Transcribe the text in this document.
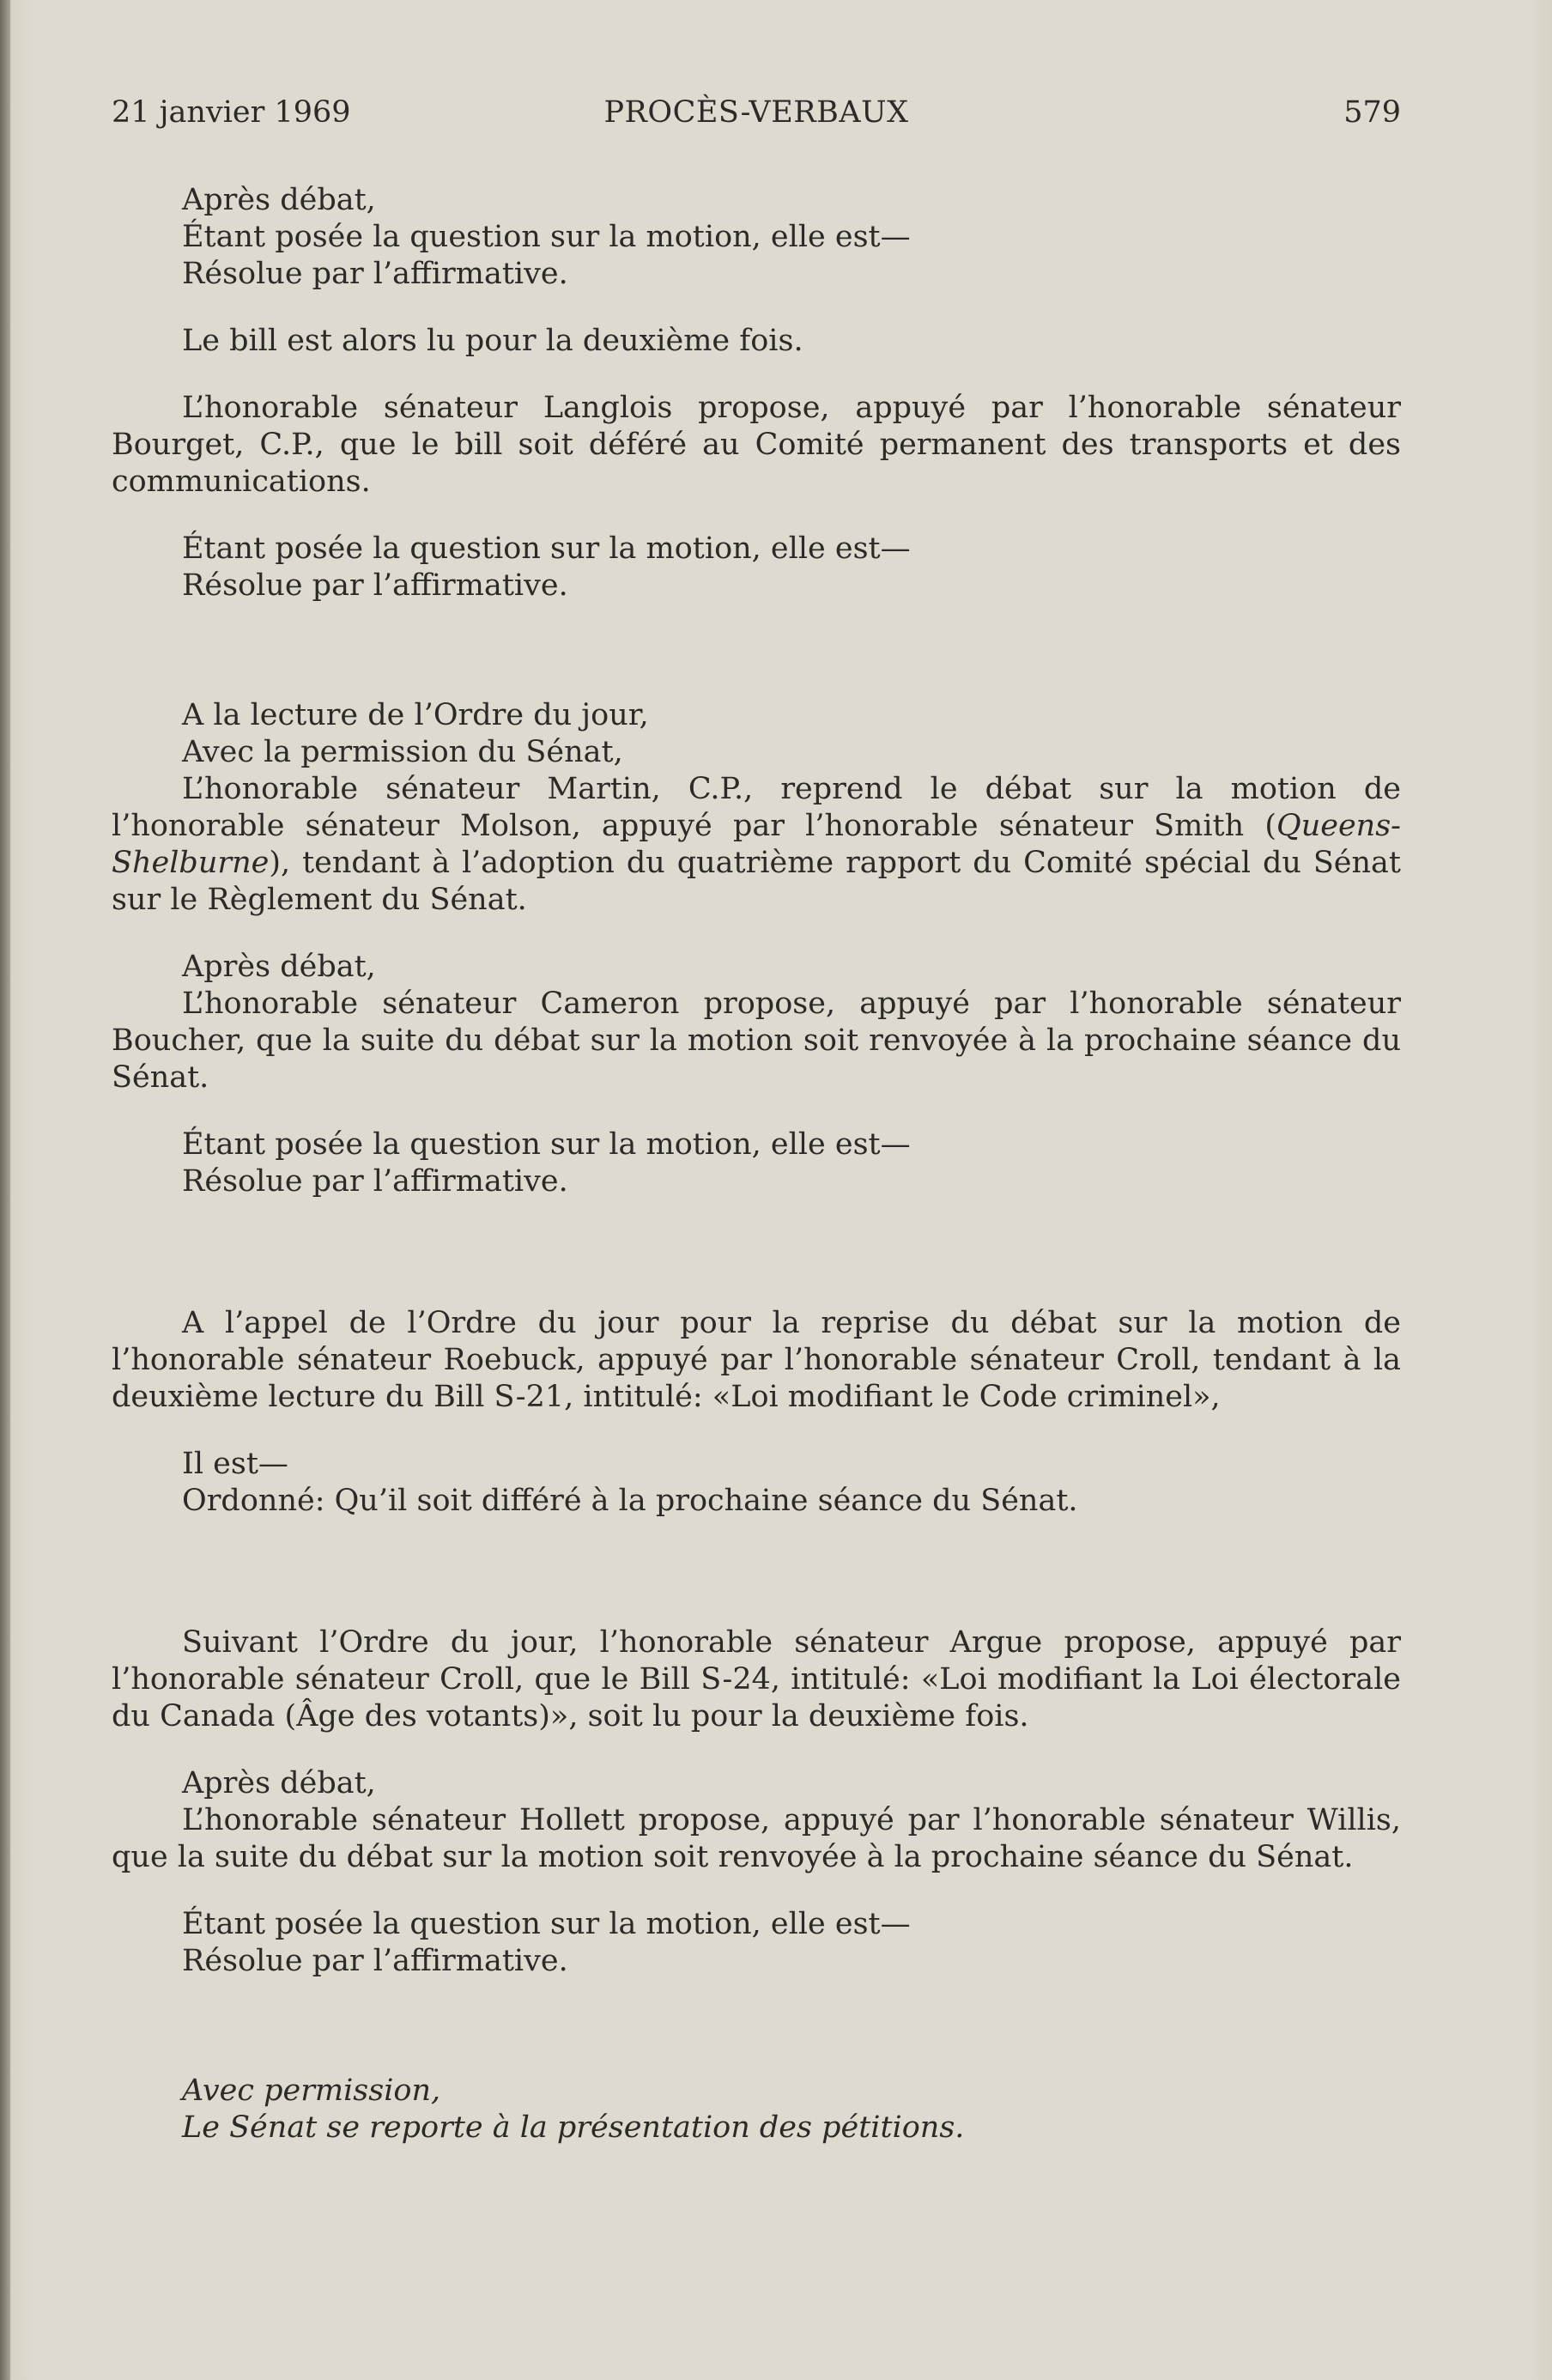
21 janvier 1969	PROCÈS-VERBAUX	579

Après débat,

Étant posée la question sur la motion, elle est—

Résolue par l’affirmative.

Le bill est alors lu pour la deuxième fois.

L’honorable sénateur Langlois propose, appuyé par l’honorable sénateur Bourget, C.P., que le bill soit déféré au Comité permanent des transports et des communications.

Étant posée la question sur la motion, elle est—

Résolue par l’affirmative.

A la lecture de l’Ordre du jour,

Avec la permission du Sénat,

L’honorable sénateur Martin, C.P., reprend le débat sur la motion de l’honorable sénateur Molson, appuyé par l’honorable sénateur Smith (Queens-Shelburne), tendant à l’adoption du quatrième rapport du Comité spécial du Sénat sur le Règlement du Sénat.

Après débat,

L’honorable sénateur Cameron propose, appuyé par l’honorable sénateur Boucher, que la suite du débat sur la motion soit renvoyée à la prochaine séance du Sénat.

Étant posée la question sur la motion, elle est—

Résolue par l’affirmative.

A l’appel de l’Ordre du jour pour la reprise du débat sur la motion de l’honorable sénateur Roebuck, appuyé par l’honorable sénateur Croll, tendant à la deuxième lecture du Bill S-21, intitulé: «Loi modifiant le Code criminel»,

Il est—

Ordonné: Qu’il soit différé à la prochaine séance du Sénat.

Suivant l’Ordre du jour, l’honorable sénateur Argue propose, appuyé par l’honorable sénateur Croll, que le Bill S-24, intitulé: «Loi modifiant la Loi électorale du Canada (Âge des votants)», soit lu pour la deuxième fois.

Après débat,

L’honorable sénateur Hollett propose, appuyé par l’honorable sénateur Willis, que la suite du débat sur la motion soit renvoyée à la prochaine séance du Sénat.

Étant posée la question sur la motion, elle est—

Résolue par l’affirmative.

Avec permission,

Le Sénat se reporte à la présentation des pétitions.
